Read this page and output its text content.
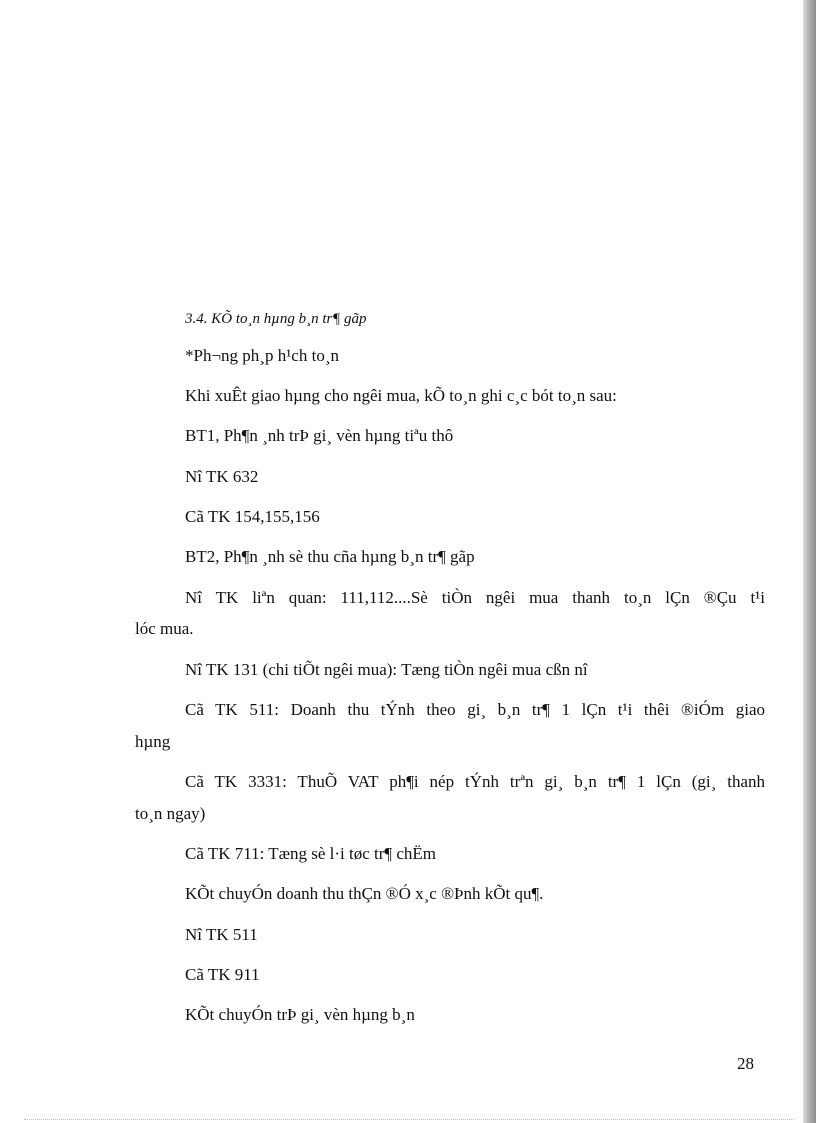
3.4. KÕ to¸n hµng b¸n tr¶ gãp
*Ph¬ng ph¸p h¹ch to¸n
Khi xuÊt giao hµng cho ngêi mua, kÕ to¸n ghi c¸c bót to¸n sau:
BT1, Ph¶n ¸nh trÞ gi¸ vèn hµng tiªu thô
Nî TK 632
Cã TK 154,155,156
BT2, Ph¶n ¸nh sè thu cña hµng b¸n tr¶ gãp
Nî TK liªn quan: 111,112....Sè tiÒn ngêi mua thanh to¸n lÇn ®Çu t¹i
lóc mua.
Nî TK 131 (chi tiÕt ngêi mua): Tæng tiÒn ngêi mua cßn nî
Cã TK 511: Doanh thu tÝnh theo gi¸ b¸n tr¶ 1 lÇn t¹i thêi ®iÓm giao
hµng
Cã TK 3331: ThuÕ VAT ph¶i nép tÝnh trªn gi¸ b¸n tr¶ 1 lÇn (gi¸ thanh
to¸n ngay)
Cã TK 711: Tæng sè l·i tøc tr¶ chËm
KÕt chuyÓn doanh thu thÇn ®Ó x¸c ®Þnh kÕt qu¶.
Nî TK 511
Cã TK 911
KÕt chuyÓn trÞ gi¸ vèn hµng b¸n
28
